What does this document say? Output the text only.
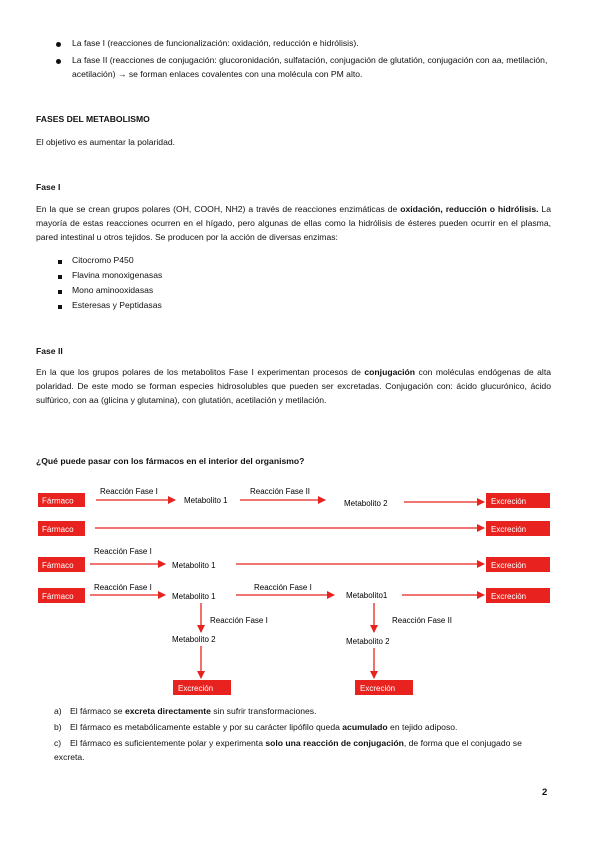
La fase I (reacciones de funcionalización: oxidación, reducción e hidrólisis).
La fase II (reacciones de conjugación: glucoronidación, sulfatación, conjugación de glutatión, conjugación con aa, metilación, acetilación) → se forman enlaces covalentes con una molécula con PM alto.
FASES DEL METABOLISMO
El objetivo es aumentar la polaridad.
Fase I
En la que se crean grupos polares (OH, COOH, NH2) a través de reacciones enzimáticas de oxidación, reducción o hidrólisis. La mayoría de estas reacciones ocurren en el hígado, pero algunas de ellas como la hidrólisis de ésteres pueden ocurrir en el plasma, pared intestinal u otros tejidos. Se producen por la acción de diversas enzimas:
Citocromo P450
Flavina monoxigenasas
Mono aminooxidasas
Esteresas y Peptidasas
Fase II
En la que los grupos polares de los metabolitos Fase I experimentan procesos de conjugación con moléculas endógenas de alta polaridad. De este modo se forman especies hidrosolubles que pueden ser excretadas. Conjugación con: ácido glucurónico, ácido sulfúrico, con aa (glicina y glutamina), con glutatión, acetilación y metilación.
¿Qué puede pasar con los fármacos en el interior del organismo?
Fármaco
Reacción Fase I
Metabolito 1
Reacción Fase II
Metabolito 2	Excreción
Fármaco	Excreción
Fármaco
Reacción Fase I
Metabolito 1	Excreción
Fármaco
Reacción Fase I
Metabolito 1
Reacción Fase I
Metabolito1	Excreción
Reacción Fase I
Metabolito 2
Excreción
Reacción Fase II
Metabolito 2
Excreción
a) El fármaco se excreta directamente sin sufrir transformaciones.
b) El fármaco es metabólicamente estable y por su carácter lipófilo queda acumulado en tejido adiposo.
c) El fármaco es suficientemente polar y experimenta solo una reacción de conjugación, de forma que el conjugado se excreta.
2
